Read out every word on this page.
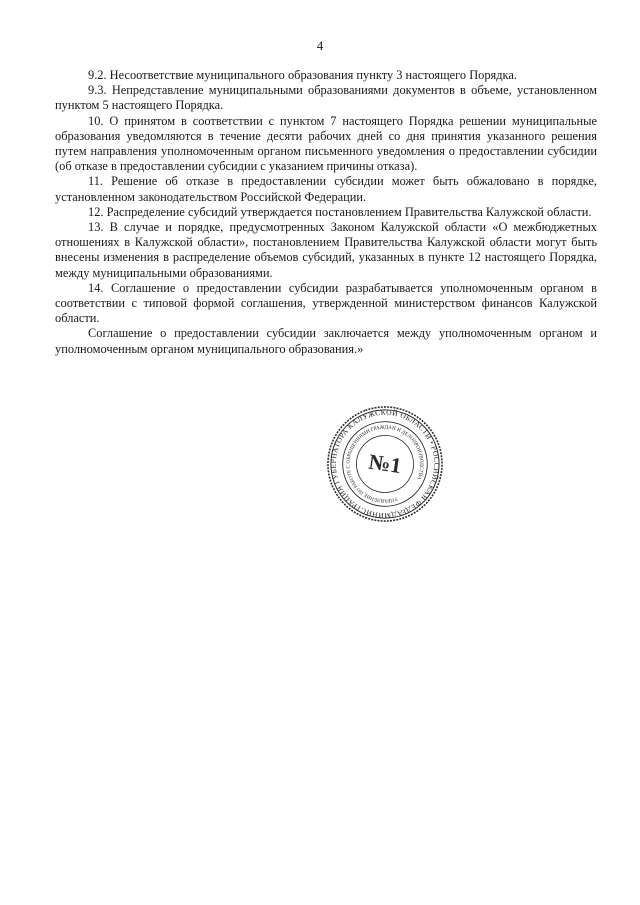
4

9.2. Несоответствие муниципального образования пункту 3 настоящего Порядка.

9.3. Непредставление муниципальными образованиями документов в объеме, установленном пунктом 5 настоящего Порядка.

10. О принятом в соответствии с пунктом 7 настоящего Порядка решении муниципальные образования уведомляются в течение десяти рабочих дней со дня принятия указанного решения путем направления уполномоченным органом письменного уведомления о предоставлении субсидии (об отказе в предоставлении субсидии с указанием причины отказа).

11. Решение об отказе в предоставлении субсидии может быть обжаловано в порядке, установленном законодательством Российской Федерации.

12. Распределение субсидий утверждается постановлением Правительства Калужской области.

13. В случае и порядке, предусмотренных Законом Калужской области «О межбюджетных отношениях в Калужской области», постановлением Правительства Калужской области могут быть внесены изменения в распределение объемов субсидий, указанных в пункте 12 настоящего Порядка, между муниципальными образованиями.

14. Соглашение о предоставлении субсидии разрабатывается уполномоченным органом в соответствии с типовой формой соглашения, утвержденной министерством финансов Калужской области.

Соглашение о предоставлении субсидии заключается между уполномоченным органом и уполномоченным органом муниципального образования.»

АДМИНИСТРАЦИЯ ГУБЕРНАТОРА КАЛУЖСКОЙ ОБЛАСТИ • РОССИЙСКАЯ ФЕДЕРАЦИЯ
УПРАВЛЕНИЕ ПО РАБОТЕ С ОБРАЩЕНИЯМИ ГРАЖДАН И ДЕЛОПРОИЗВОДСТВА
№1
